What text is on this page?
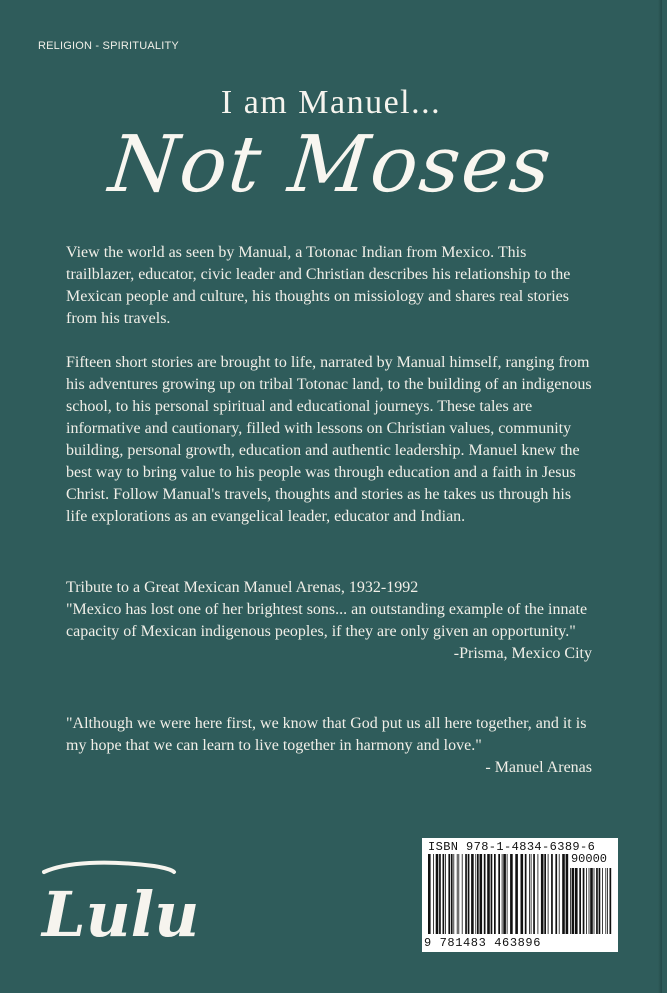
RELIGION - SPIRITUALITY
I am Manuel...
Not Moses
View the world as seen by Manual, a Totonac Indian from Mexico. This trailblazer, educator, civic leader and Christian describes his relationship to the Mexican people and culture, his thoughts on missiology and shares real stories from his travels.
Fifteen short stories are brought to life, narrated by Manual himself, ranging from his adventures growing up on tribal Totonac land, to the building of an indigenous school, to his personal spiritual and educational journeys. These tales are informative and cautionary, filled with lessons on Christian values, community building, personal growth, education and authentic leadership. Manuel knew the best way to bring value to his people was through education and a faith in Jesus Christ. Follow Manual's travels, thoughts and stories as he takes us through his life explorations as an evangelical leader, educator and Indian.
Tribute to a Great Mexican Manuel Arenas, 1932-1992
"Mexico has lost one of her brightest sons... an outstanding example of the innate capacity of Mexican indigenous peoples, if they are only given an opportunity."
-Prisma, Mexico City
"Although we were here first, we know that God put us all here together, and it is my hope that we can learn to live together in harmony and love."
- Manuel Arenas
ISBN 978-1-4834-6389-6
90000
9 781483 463896
Lulu
